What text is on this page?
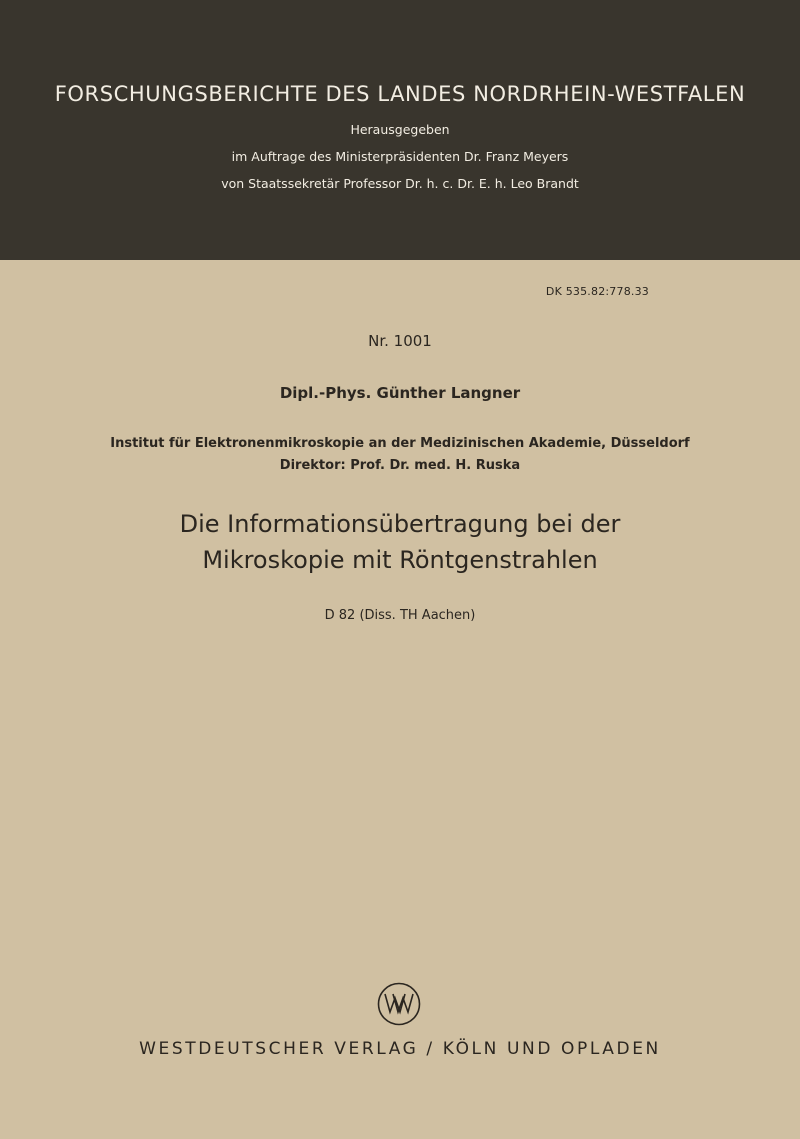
FORSCHUNGSBERICHTE DES LANDES NORDRHEIN-WESTFALEN
Herausgegeben
im Auftrage des Ministerpräsidenten Dr. Franz Meyers
von Staatssekretär Professor Dr. h. c. Dr. E. h. Leo Brandt
DK 535.82:778.33
Nr. 1001
Dipl.-Phys. Günther Langner
Institut für Elektronenmikroskopie an der Medizinischen Akademie, Düsseldorf
Direktor: Prof. Dr. med. H. Ruska
Die Informationsübertragung bei der
Mikroskopie mit Röntgenstrahlen
D 82 (Diss. TH Aachen)
WESTDEUTSCHER VERLAG / KÖLN UND OPLADEN
